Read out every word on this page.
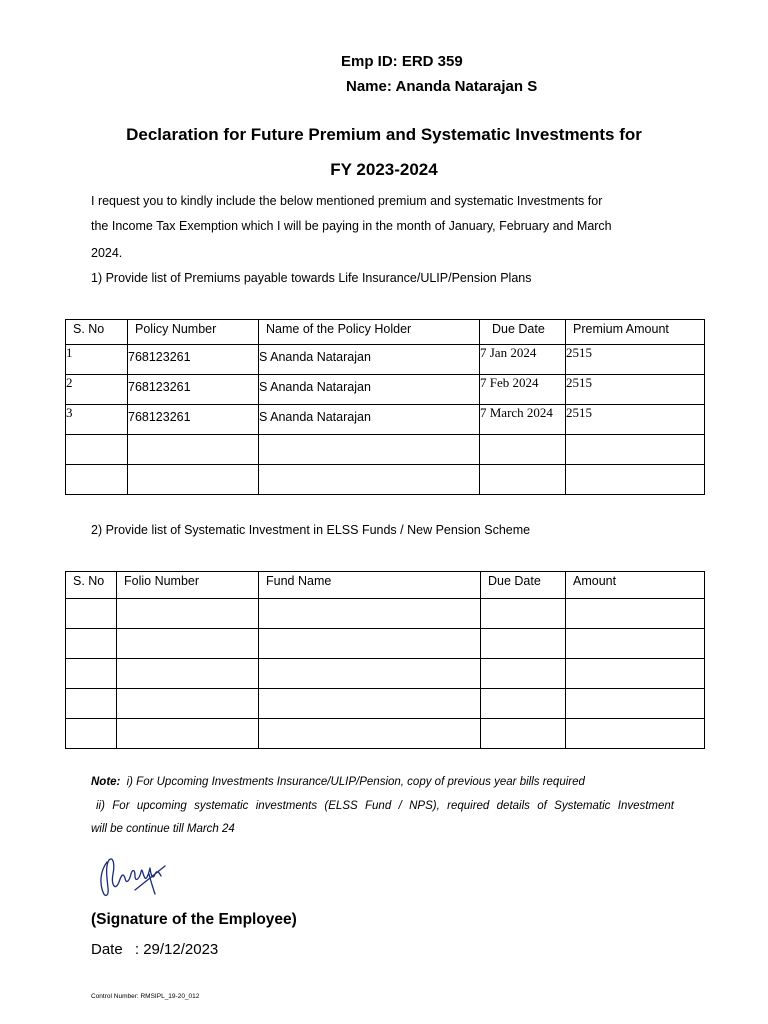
Emp ID: ERD 359
Name: Ananda Natarajan S
Declaration for Future Premium and Systematic Investments for
FY 2023-2024
I request you to kindly include the below mentioned premium and systematic Investments for
the Income Tax Exemption which I will be paying in the month of January, February and March
2024.
1) Provide list of Premiums payable towards Life Insurance/ULIP/Pension Plans
S. No	Policy Number	Name of the Policy Holder	Due Date	Premium Amount
1	768123261	S Ananda Natarajan	7 Jan 2024	2515
2	768123261	S Ananda Natarajan	7 Feb 2024	2515
3	768123261	S Ananda Natarajan	7 March 2024	2515

2) Provide list of Systematic Investment in ELSS Funds / New Pension Scheme
S. No	Folio Number	Fund Name	Due Date	Amount

Note: i) For Upcoming Investments Insurance/ULIP/Pension, copy of previous year bills required
ii) For upcoming systematic investments (ELSS Fund / NPS), required details of Systematic Investment
will be continue till March 24
(Signature of the Employee)
Date : 29/12/2023
Control Number: RMSIPL_19-20_012
